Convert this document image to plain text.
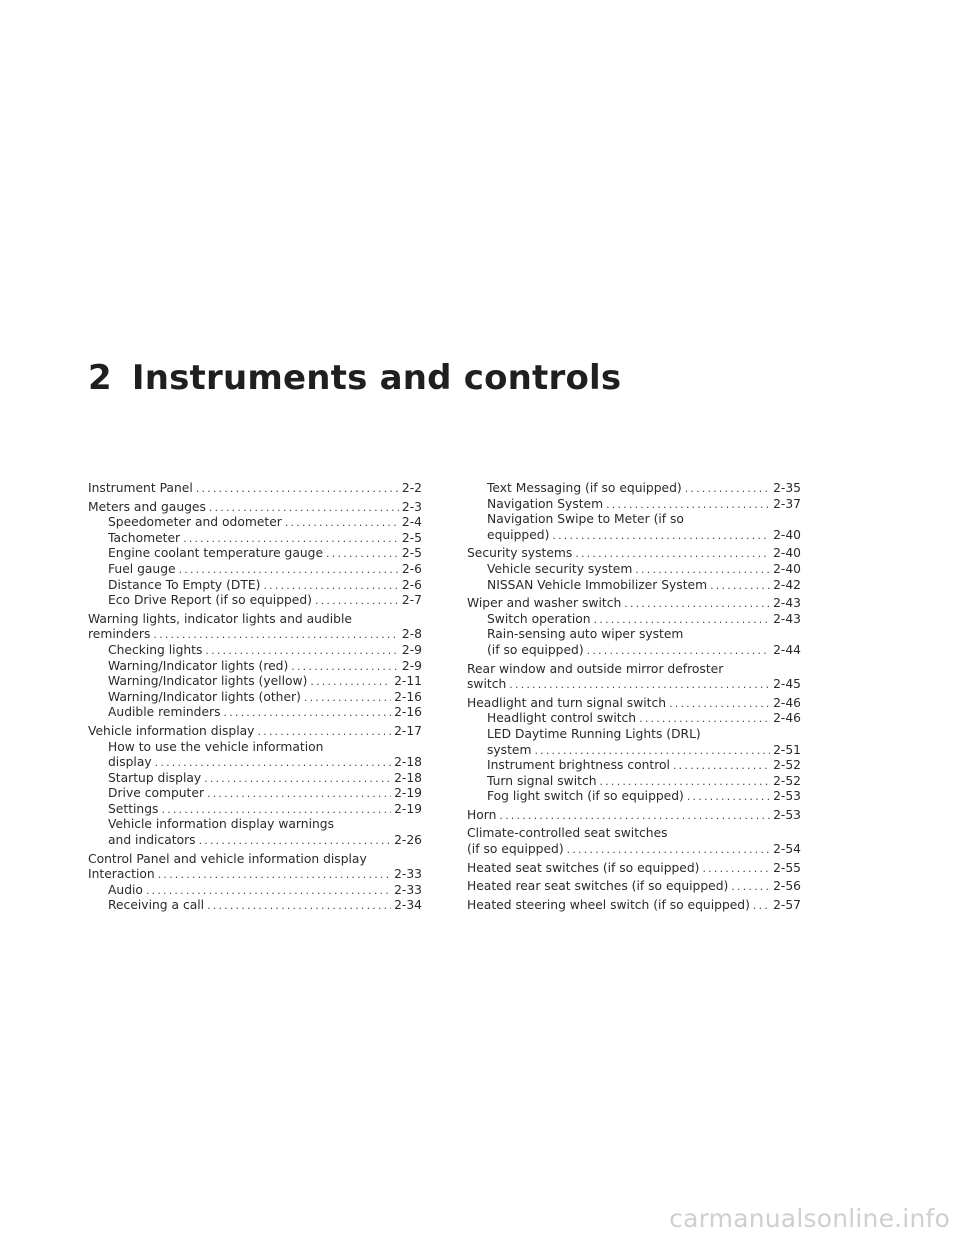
2 Instruments and controls
Instrument Panel .....	2-2
Meters and gauges .....	2-3
Speedometer and odometer .....	2-4
Tachometer .....	2-5
Engine coolant temperature gauge .....	2-5
Fuel gauge .....	2-6
Distance To Empty (DTE) .....	2-6
Eco Drive Report (if so equipped) .....	2-7
Warning lights, indicator lights and audible
reminders .....	2-8
Checking lights .....	2-9
Warning/Indicator lights (red) .....	2-9
Warning/Indicator lights (yellow) .....	2-11
Warning/Indicator lights (other) .....	2-16
Audible reminders .....	2-16
Vehicle information display .....	2-17
How to use the vehicle information
display .....	2-18
Startup display .....	2-18
Drive computer .....	2-19
Settings .....	2-19
Vehicle information display warnings
and indicators .....	2-26
Control Panel and vehicle information display
Interaction .....	2-33
Audio .....	2-33
Receiving a call .....	2-34
Text Messaging (if so equipped) .....	2-35
Navigation System .....	2-37
Navigation Swipe to Meter (if so
equipped) .....	2-40
Security systems .....	2-40
Vehicle security system .....	2-40
NISSAN Vehicle Immobilizer System .....	2-42
Wiper and washer switch .....	2-43
Switch operation .....	2-43
Rain-sensing auto wiper system
(if so equipped) .....	2-44
Rear window and outside mirror defroster
switch .....	2-45
Headlight and turn signal switch .....	2-46
Headlight control switch .....	2-46
LED Daytime Running Lights (DRL)
system .....	2-51
Instrument brightness control .....	2-52
Turn signal switch .....	2-52
Fog light switch (if so equipped) .....	2-53
Horn .....	2-53
Climate-controlled seat switches
(if so equipped) .....	2-54
Heated seat switches (if so equipped) .....	2-55
Heated rear seat switches (if so equipped) .....	2-56
Heated steering wheel switch (if so equipped) ..... 2-57
carmanualsonline.info
